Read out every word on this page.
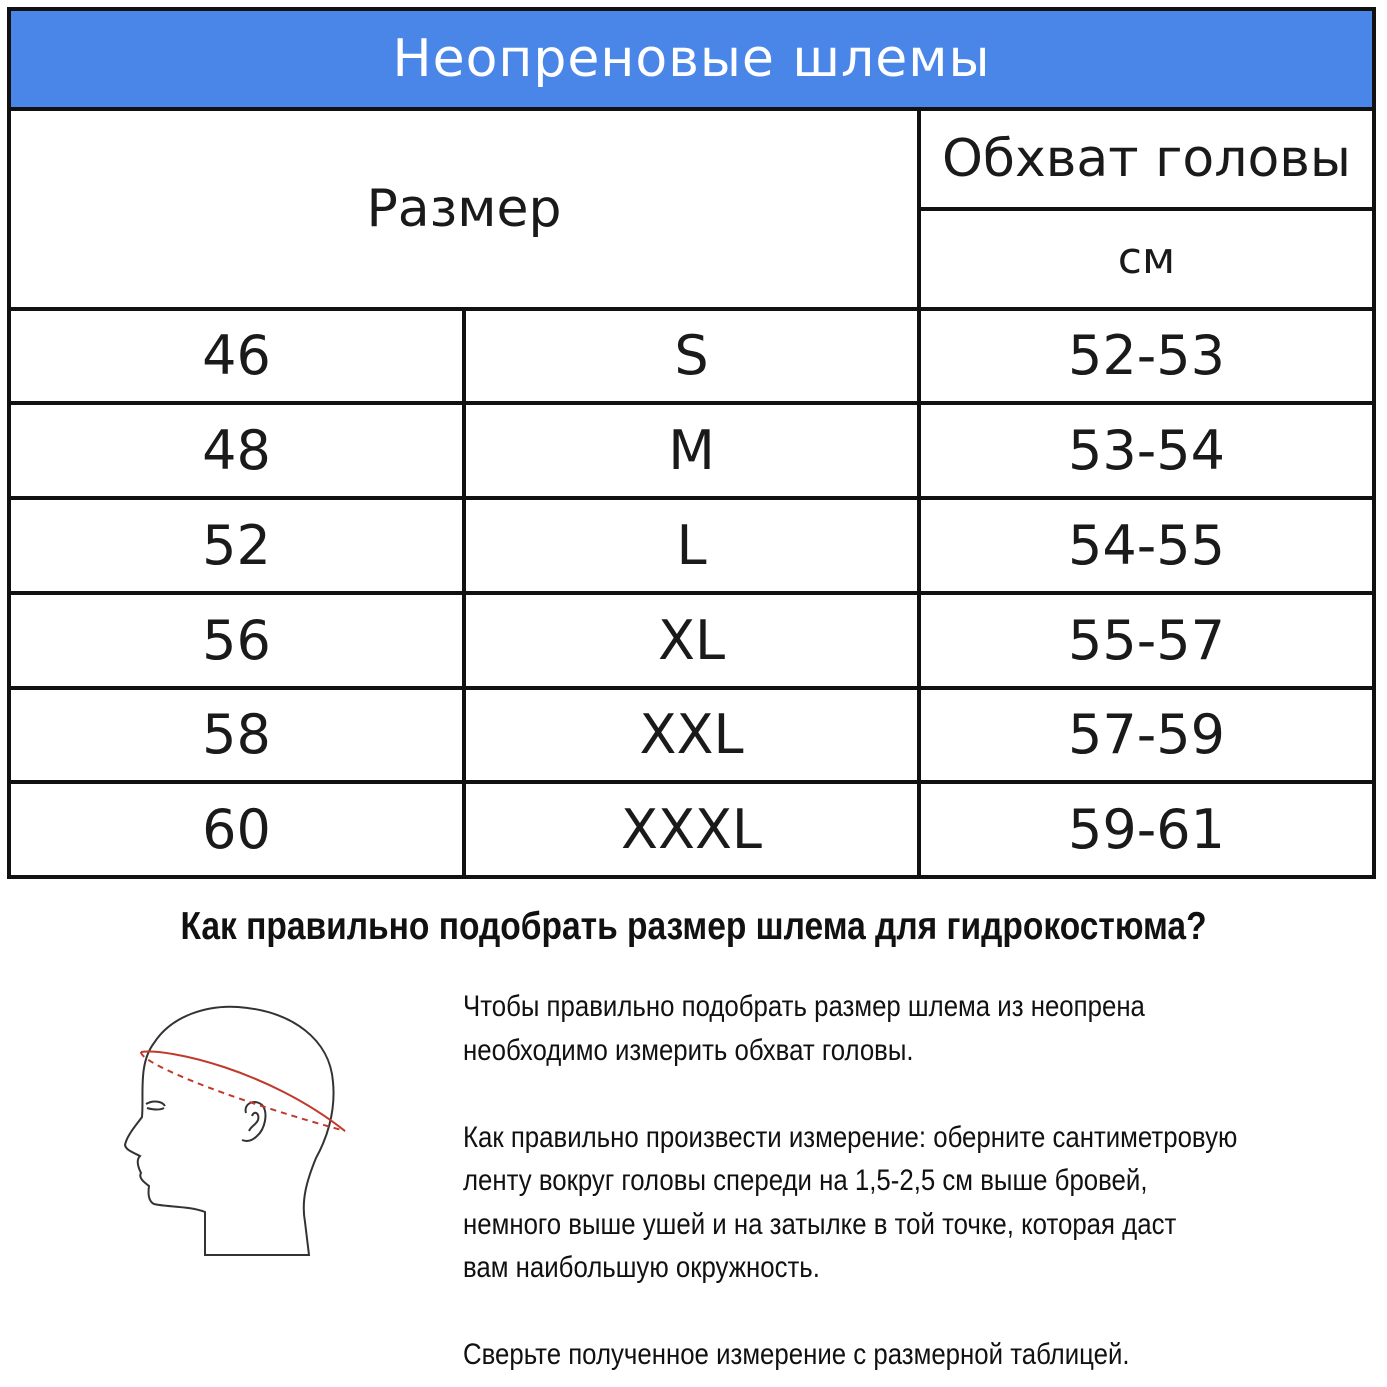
Неопреновые шлемы		
Размер		Обхват головы
		см
46	S	52-53
48	M	53-54
52	L	54-55
56	XL	55-57
58	XXL	57-59
60	XXXL	59-61
Как правильно подобрать размер шлема для гидрокостюма?

Чтобы правильно подобрать размер шлема из неопрена

необходимо измерить обхват головы.

Как правильно произвести измерение: оберните сантиметровую

ленту вокруг головы спереди на 1,5-2,5 см выше бровей,

немного выше ушей и на затылке в той точке, которая даст

вам наибольшую окружность.

Сверьте полученное измерение с размерной таблицей.
